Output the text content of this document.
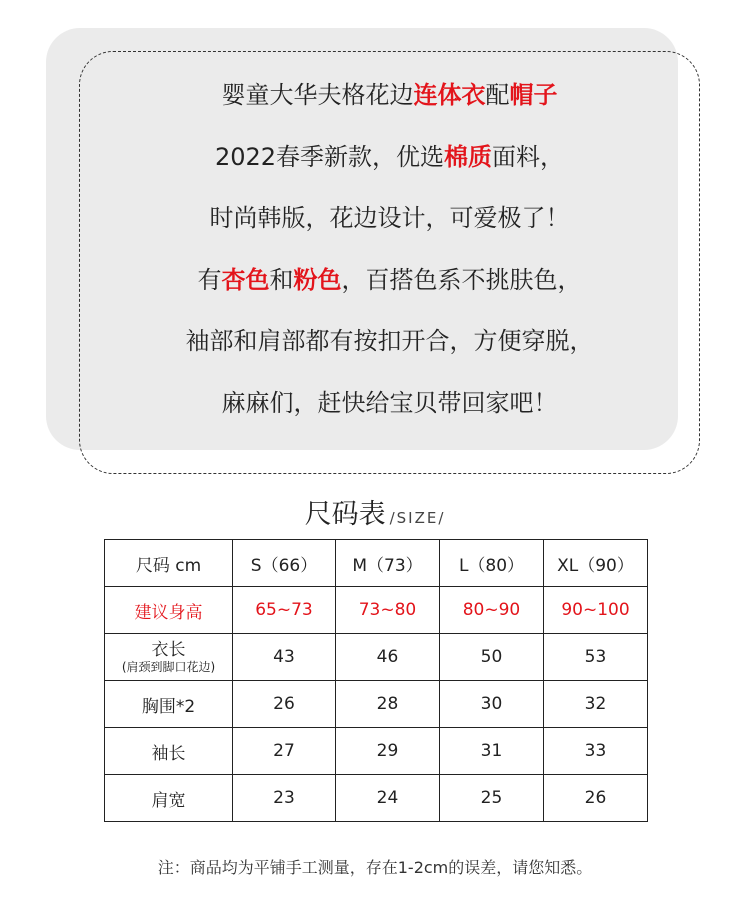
婴童大华夫格花边连体衣配帽子
2022春季新款，优选棉质面料，
时尚韩版，花边设计，可爱极了！
有杏色和粉色，百搭色系不挑肤色，
袖部和肩部都有按扣开合，方便穿脱，
麻麻们，赶快给宝贝带回家吧！
尺码表 /SIZE/
尺码 cm	S（66）	M（73）	L（80）	XL（90）
建议身高	65~73	73~80	80~90	90~100

衣长
(肩颈到脚口花边)	43	46	50	53
胸围*2	26	28	30	32
袖长	27	29	31	33
肩宽	23	24	25	26
注：商品均为平铺手工测量，存在1-2cm的误差，请您知悉。
